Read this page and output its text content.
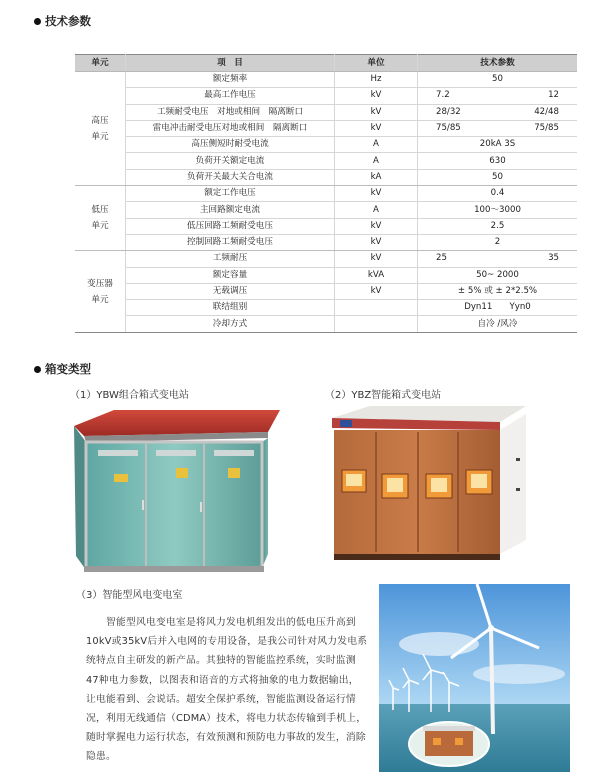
技术参数
单元	项　目	单位	技术参数
高压
单元	额定频率	Hz	50
	最高工作电压	kV	7.2 12

	工频耐受电压　对地或相间　隔离断口	kV	28/32 42/48

	雷电冲击耐受电压对地或相间　隔离断口	kV	75/85 75/85

	高压侧短时耐受电流	A	20kA 3S
	负荷开关额定电流	A	630
	负荷开关最大关合电流	kA	50
低压
单元	额定工作电压	kV	0.4
	主回路额定电流	A	100～3000
	低压回路工频耐受电压	kV	2.5
	控制回路工频耐受电压	kV	2
变压器
单元	工频耐压	kV	25 35

	额定容量	kVA	50~ 2000
	无载调压	kV	± 5% 或 ± 2*2.5%
	联结组别		Dyn11　　Yyn0
	冷却方式		自冷 /风冷
箱变类型
（1）YBW组合箱式变电站	（2）YBZ智能箱式变电站
（3）智能型风电变电室
智能型风电变电室是将风力发电机组发出的低电压升高到10kV或35kV后并入电网的专用设备，是我公司针对风力发电系统特点自主研发的新产品。其独特的智能监控系统，实时监测47种电力参数，以图表和语音的方式将抽象的电力数据输出，让电能看到、会说话。超安全保护系统，智能监测设备运行情况，利用无线通信（CDMA）技术，将电力状态传输到手机上，随时掌握电力运行状态，有效预测和预防电力事故的发生，消除隐患。
